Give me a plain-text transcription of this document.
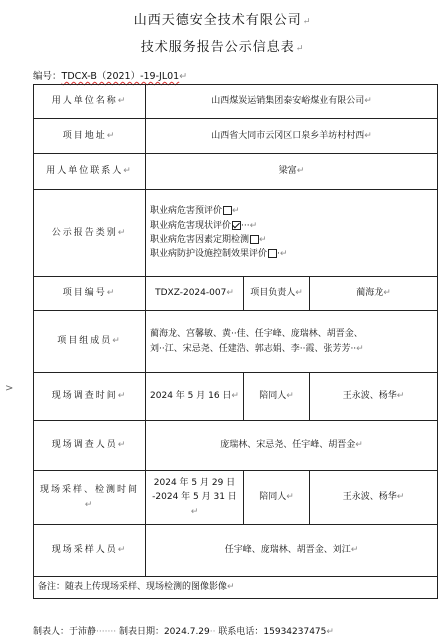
山西天德安全技术有限公司↵
技术服务报告公示信息表↵
编号：TDCX-B（2021）-19-JL01↵
>
用人单位名称↵	山西煤炭运销集团泰安峪煤业有限公司↵		
项目地址↵	山西省大同市云冈区口泉乡羊坊村村西↵		
用人单位联系人↵	梁富↵		
公示报告类别↵	职业病危害预评价 ↵
职业病危害现状评价 ···↵
职业病危害因素定期检测 ↵
职业病防护设施控制效果评价 ·↵		

项目编号↵	TDXZ-2024-007↵	项目负责人↵	蔺海龙↵
项目组成员↵	蔺海龙、宫馨敏、黄··佳、任宇峰、庞瑞林、胡晋金、
刘··江、宋忌尧、任建浩、郭志娟、李··霞、张芳芳··↵		

现场调查时间↵	2024 年 5 月 16 日↵	陪同人↵	王永波、杨华↵
现场调查人员↵	庞瑞林、宋忌尧、任宇峰、胡晋金↵		
现场采样、检测时间↵	2024 年 5 月 29 日
-2024 年 5 月 31 日↵	陪同人↵	王永波、杨华↵
现场采样人员↵	任宇峰、庞瑞林、胡晋金、刘江↵		
备注：随表上传现场采样、现场检测的图像影像↵			
制表人：于沛静······· 制表日期：2024.7.29·· 联系电话：15934237475↵
